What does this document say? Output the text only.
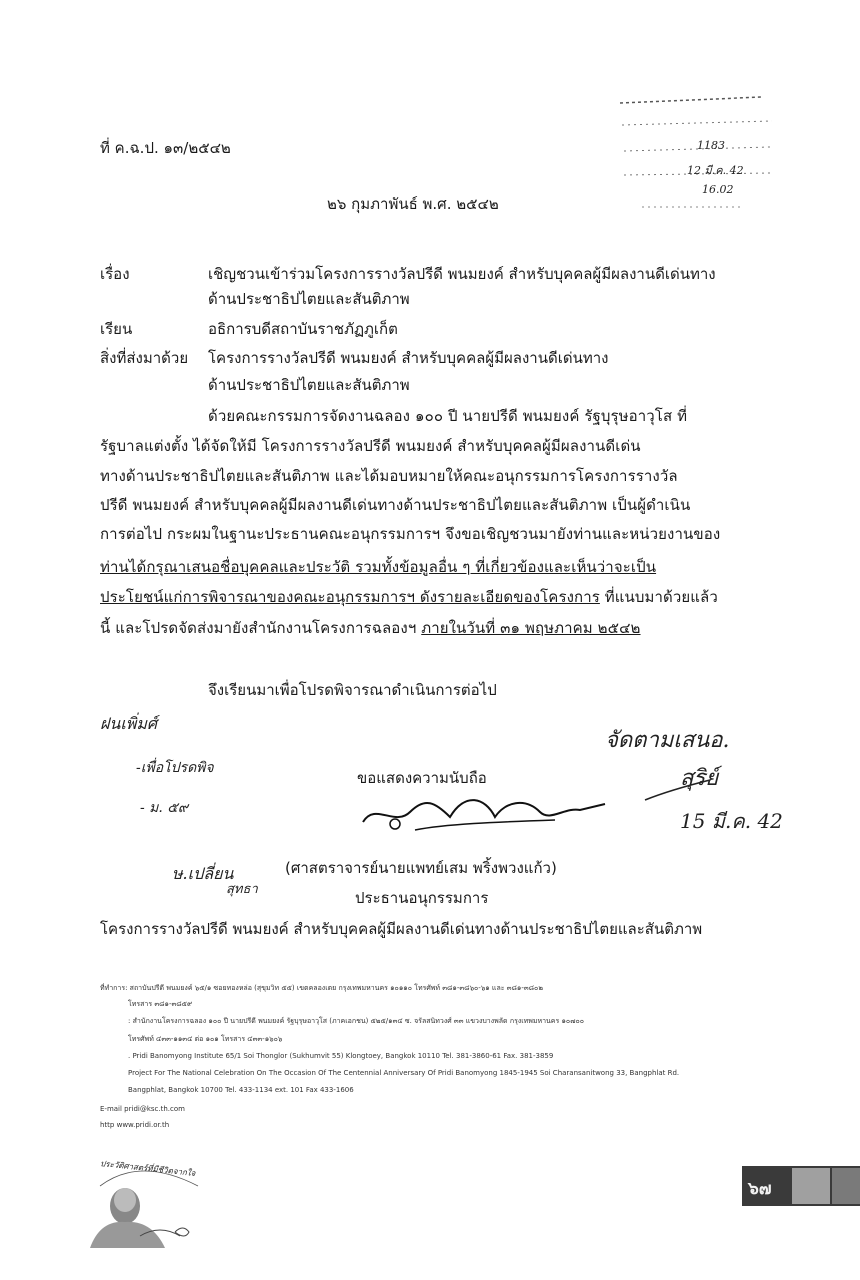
ที่ ค.ฉ.ป. ๑๓/๒๕๔๒	1183
12 มี.ค. 42
16.02
๒๖ กุมภาพันธ์ พ.ศ. ๒๕๔๒
เรื่อง	เชิญชวนเข้าร่วมโครงการรางวัลปรีดี พนมยงค์ สำหรับบุคคลผู้มีผลงานดีเด่นทาง
ด้านประชาธิปไตยและสันติภาพ
เรียน	อธิการบดีสถาบันราชภัฏภูเก็ต
สิ่งที่ส่งมาด้วย โครงการรางวัลปรีดี พนมยงค์ สำหรับบุคคลผู้มีผลงานดีเด่นทาง
ด้านประชาธิปไตยและสันติภาพ
ด้วยคณะกรรมการจัดงานฉลอง ๑๐๐ ปี นายปรีดี พนมยงค์ รัฐบุรุษอาวุโส ที่
รัฐบาลแต่งตั้ง ได้จัดให้มี โครงการรางวัลปรีดี พนมยงค์ สำหรับบุคคลผู้มีผลงานดีเด่น
ทางด้านประชาธิปไตยและสันติภาพ และได้มอบหมายให้คณะอนุกรรมการโครงการรางวัล
ปรีดี พนมยงค์ สำหรับบุคคลผู้มีผลงานดีเด่นทางด้านประชาธิปไตยและสันติภาพ เป็นผู้ดำเนิน
การต่อไป กระผมในฐานะประธานคณะอนุกรรมการฯ จึงขอเชิญชวนมายังท่านและหน่วยงานของ
ท่านได้กรุณาเสนอชื่อบุคคลและประวัติ รวมทั้งข้อมูลอื่น ๆ ที่เกี่ยวข้องและเห็นว่าจะเป็น
ประโยชน์แก่การพิจารณาของคณะอนุกรรมการฯ ดังรายละเอียดของโครงการ ที่แนบมาด้วยแล้ว
นี้ และโปรดจัดส่งมายังสำนักงานโครงการฉลองฯ ภายในวันที่ ๓๑ พฤษภาคม ๒๕๔๒
จึงเรียนมาเพื่อโปรดพิจารณาดำเนินการต่อไป
ฝนเพิ่มศ์
-เพื่อโปรดพิจ
- ม. ๕๙
จัดตามเสนอ.
สุริย์
15 มี.ค. 42
ขอแสดงความนับถือ
ษ.เปลี่ยน
สุทธา
(ศาสตราจารย์นายแพทย์เสม พริ้งพวงแก้ว)
ประธานอนุกรรมการ
โครงการรางวัลปรีดี พนมยงค์ สำหรับบุคคลผู้มีผลงานดีเด่นทางด้านประชาธิปไตยและสันติภาพ
ที่ทำการ: สถาบันปรีดี พนมยงค์ ๖๕/๑ ซอยทองหล่อ (สุขุมวิท ๕๕) เขตคลองเตย กรุงเทพมหานคร ๑๐๑๑๐ โทรศัพท์ ๓๘๑-๓๘๖๐-๖๑ และ ๓๘๑-๓๘๐๒
โทรสาร ๓๘๑-๓๘๕๙
: สำนักงานโครงการฉลอง ๑๐๐ ปี นายปรีดี พนมยงค์ รัฐบุรุษอาวุโส (ภาคเอกชน) ๕๒๕/๑๓๔ ซ. จรัลสนิทวงศ์ ๓๓ แขวงบางพลัด กรุงเทพมหานคร ๑๐๗๐๐
โทรศัพท์ ๔๓๓-๑๑๓๔ ต่อ ๑๐๑ โทรสาร ๔๓๓-๑๖๐๖
. Pridi Banomyong Institute 65/1 Soi Thonglor (Sukhumvit 55) Klongtoey, Bangkok 10110 Tel. 381-3860-61 Fax. 381-3859
Project For The National Celebration On The Occasion Of The Centennial Anniversary Of Pridi Banomyong 1845-1945 Soi Charansanitwong 33, Bangphlat Rd.
Bangphlat, Bangkok 10700 Tel. 433-1134 ext. 101 Fax 433-1606
E-mail pridi@ksc.th.com
http www.pridi.or.th
ประวัติศาสตร์ที่มีชีวิตจากใจ
๖๗
